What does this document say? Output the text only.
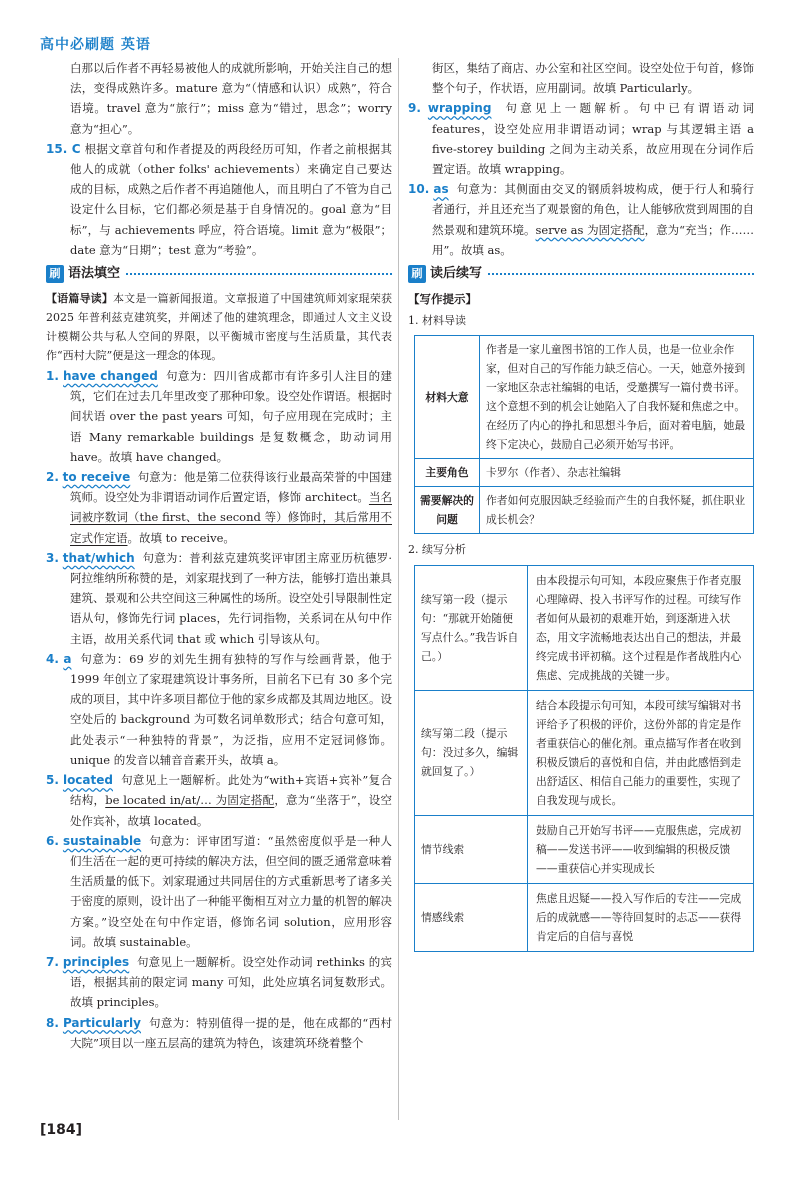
高中必刷题 英语

白那以后作者不再轻易被他人的成就所影响，开始关注自己的想法，变得成熟许多。mature 意为“（情感和认识）成熟”，符合语境。travel 意为“旅行”；miss 意为“错过，思念”；worry 意为“担心”。

15. C 根据文章首句和作者提及的两段经历可知，作者之前根据其他人的成就（other folks' achievements）来确定自己要达成的目标，成熟之后作者不再追随他人，而且明白了不管为自己设定什么目标，它们都必须是基于自身情况的。goal 意为“目标”，与 achievements 呼应，符合语境。limit 意为“极限”；date 意为“日期”；test 意为“考验”。

刷 语法填空

【语篇导读】本文是一篇新闻报道。文章报道了中国建筑师刘家琨荣获 2025 年普利兹克建筑奖，并阐述了他的建筑理念，即通过人文主义设计模糊公共与私人空间的界限，以平衡城市密度与生活质量，其代表作“西村大院”便是这一理念的体现。

1. have changed 句意为：四川省成都市有许多引人注目的建筑，它们在过去几年里改变了那种印象。设空处作谓语。根据时间状语 over the past years 可知，句子应用现在完成时；主语 Many remarkable buildings 是复数概念，助动词用 have。故填 have changed。

2. to receive 句意为：他是第二位获得该行业最高荣誉的中国建筑师。设空处为非谓语动词作后置定语，修饰 architect。当名词被序数词（the first、the second 等）修饰时，其后常用不定式作定语。故填 to receive。

3. that/which 句意为：普利兹克建筑奖评审团主席亚历杭德罗·阿拉维纳所称赞的是，刘家琨找到了一种方法，能够打造出兼具建筑、景观和公共空间这三种属性的场所。设空处引导限制性定语从句，修饰先行词 places，先行词指物，关系词在从句中作主语，故用关系代词 that 或 which 引导该从句。

4. a 句意为：69 岁的刘先生拥有独特的写作与绘画背景，他于 1999 年创立了家琨建筑设计事务所，目前名下已有 30 多个完成的项目，其中许多项目都位于他的家乡成都及其周边地区。设空处后的 background 为可数名词单数形式；结合句意可知，此处表示“一种独特的背景”，为泛指，应用不定冠词修饰。unique 的发音以辅音音素开头，故填 a。

5. located 句意见上一题解析。此处为“with+宾语+宾补”复合结构，be located in/at/… 为固定搭配，意为“坐落于”，设空处作宾补，故填 located。

6. sustainable 句意为：评审团写道：“虽然密度似乎是一种人们生活在一起的更可持续的解决方法，但空间的匮乏通常意味着生活质量的低下。刘家琨通过共同居住的方式重新思考了诸多关于密度的原则，设计出了一种能平衡相互对立力量的机智的解决方案。”设空处在句中作定语，修饰名词 solution，应用形容词。故填 sustainable。

7. principles 句意见上一题解析。设空处作动词 rethinks 的宾语，根据其前的限定词 many 可知，此处应填名词复数形式。故填 principles。

8. Particularly 句意为：特别值得一提的是，他在成都的“西村大院”项目以一座五层高的建筑为特色，该建筑环绕着整个

街区，集结了商店、办公室和社区空间。设空处位于句首，修饰整个句子，作状语，应用副词。故填 Particularly。

9. wrapping 句意见上一题解析。句中已有谓语动词 features，设空处应用非谓语动词；wrap 与其逻辑主语 a five-storey building 之间为主动关系，故应用现在分词作后置定语。故填 wrapping。

10. as 句意为：其侧面由交叉的钢质斜坡构成，便于行人和骑行者通行，并且还充当了观景窗的角色，让人能够欣赏到周围的自然景观和建筑环境。serve as 为固定搭配，意为“充当；作……用”。故填 as。

刷 读后续写
【写作提示】
1. 材料导读
材料大意	作者是一家儿童图书馆的工作人员，也是一位业余作家，但对自己的写作能力缺乏信心。一天，她意外接到一家地区杂志社编辑的电话，受邀撰写一篇付费书评。这个意想不到的机会让她陷入了自我怀疑和焦虑之中。在经历了内心的挣扎和思想斗争后，面对着电脑，她最终下定决心，鼓励自己必须开始写书评。
主要角色	卡罗尔（作者）、杂志社编辑
需要解决的问题	作者如何克服因缺乏经验而产生的自我怀疑，抓住职业成长机会？
2. 续写分析
续写第一段（提示句：“那就开始随便写点什么。”我告诉自己。）	由本段提示句可知，本段应聚焦于作者克服心理障碍、投入书评写作的过程。可续写作者如何从最初的艰难开始，到逐渐进入状态，用文字流畅地表达出自己的想法，并最终完成书评初稿。这个过程是作者战胜内心焦虑、完成挑战的关键一步。
续写第二段（提示句：没过多久，编辑就回复了。）	结合本段提示句可知，本段可续写编辑对书评给予了积极的评价，这份外部的肯定是作者重获信心的催化剂。重点描写作者在收到积极反馈后的喜悦和自信，并由此感悟到走出舒适区、相信自己能力的重要性，实现了自我发现与成长。
情节线索	鼓励自己开始写书评——克服焦虑，完成初稿——发送书评——收到编辑的积极反馈——重获信心并实现成长
情感线索	焦虑且迟疑——投入写作后的专注——完成后的成就感——等待回复时的忐忑——获得肯定后的自信与喜悦
[184]
